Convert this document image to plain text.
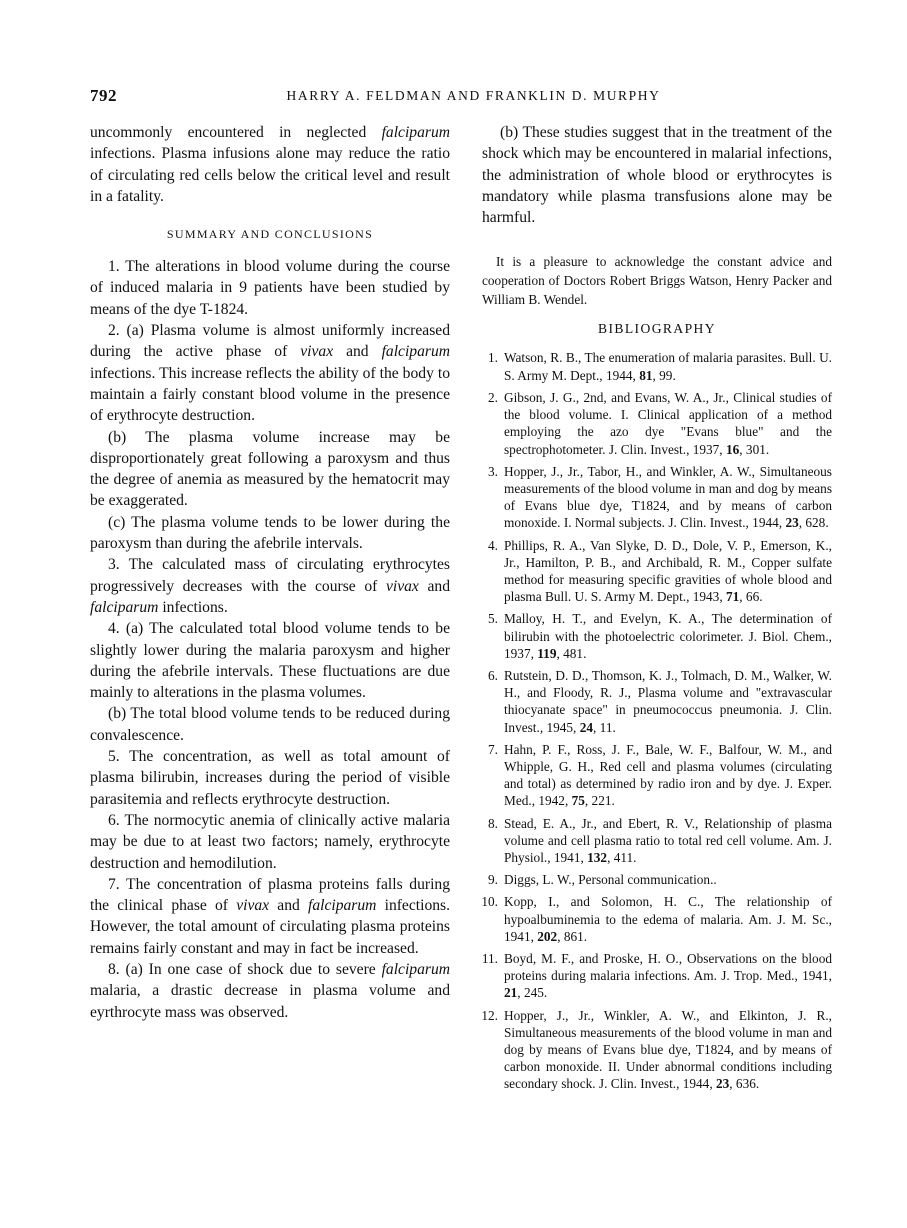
792	HARRY A. FELDMAN AND FRANKLIN D. MURPHY

uncommonly encountered in neglected falciparum infections. Plasma infusions alone may reduce the ratio of circulating red cells below the critical level and result in a fatality.

SUMMARY AND CONCLUSIONS

1. The alterations in blood volume during the course of induced malaria in 9 patients have been studied by means of the dye T-1824.

2. (a) Plasma volume is almost uniformly increased during the active phase of vivax and falciparum infections. This increase reflects the ability of the body to maintain a fairly constant blood volume in the presence of erythrocyte destruction.

(b) The plasma volume increase may be disproportionately great following a paroxysm and thus the degree of anemia as measured by the hematocrit may be exaggerated.

(c) The plasma volume tends to be lower during the paroxysm than during the afebrile intervals.

3. The calculated mass of circulating erythrocytes progressively decreases with the course of vivax and falciparum infections.

4. (a) The calculated total blood volume tends to be slightly lower during the malaria paroxysm and higher during the afebrile intervals. These fluctuations are due mainly to alterations in the plasma volumes.

(b) The total blood volume tends to be reduced during convalescence.

5. The concentration, as well as total amount of plasma bilirubin, increases during the period of visible parasitemia and reflects erythrocyte destruction.

6. The normocytic anemia of clinically active malaria may be due to at least two factors; namely, erythrocyte destruction and hemodilution.

7. The concentration of plasma proteins falls during the clinical phase of vivax and falciparum infections. However, the total amount of circulating plasma proteins remains fairly constant and may in fact be increased.

8. (a) In one case of shock due to severe falciparum malaria, a drastic decrease in plasma volume and eyrthrocyte mass was observed.

(b) These studies suggest that in the treatment of the shock which may be encountered in malarial infections, the administration of whole blood or erythrocytes is mandatory while plasma transfusions alone may be harmful.

It is a pleasure to acknowledge the constant advice and cooperation of Doctors Robert Briggs Watson, Henry Packer and William B. Wendel.

BIBLIOGRAPHY
1. Watson, R. B., The enumeration of malaria parasites. Bull. U. S. Army M. Dept., 1944, 81, 99.
2. Gibson, J. G., 2nd, and Evans, W. A., Jr., Clinical studies of the blood volume. I. Clinical application of a method employing the azo dye "Evans blue" and the spectrophotometer. J. Clin. Invest., 1937, 16, 301.
3. Hopper, J., Jr., Tabor, H., and Winkler, A. W., Simultaneous measurements of the blood volume in man and dog by means of Evans blue dye, T1824, and by means of carbon monoxide. I. Normal subjects. J. Clin. Invest., 1944, 23, 628.
4. Phillips, R. A., Van Slyke, D. D., Dole, V. P., Emerson, K., Jr., Hamilton, P. B., and Archibald, R. M., Copper sulfate method for measuring specific gravities of whole blood and plasma Bull. U. S. Army M. Dept., 1943, 71, 66.
5. Malloy, H. T., and Evelyn, K. A., The determination of bilirubin with the photoelectric colorimeter. J. Biol. Chem., 1937, 119, 481.
6. Rutstein, D. D., Thomson, K. J., Tolmach, D. M., Walker, W. H., and Floody, R. J., Plasma volume and "extravascular thiocyanate space" in pneumococcus pneumonia. J. Clin. Invest., 1945, 24, 11.
7. Hahn, P. F., Ross, J. F., Bale, W. F., Balfour, W. M., and Whipple, G. H., Red cell and plasma volumes (circulating and total) as determined by radio iron and by dye. J. Exper. Med., 1942, 75, 221.
8. Stead, E. A., Jr., and Ebert, R. V., Relationship of plasma volume and cell plasma ratio to total red cell volume. Am. J. Physiol., 1941, 132, 411.
9. Diggs, L. W., Personal communication..
10. Kopp, I., and Solomon, H. C., The relationship of hypoalbuminemia to the edema of malaria. Am. J. M. Sc., 1941, 202, 861.
11. Boyd, M. F., and Proske, H. O., Observations on the blood proteins during malaria infections. Am. J. Trop. Med., 1941, 21, 245.
12. Hopper, J., Jr., Winkler, A. W., and Elkinton, J. R., Simultaneous measurements of the blood volume in man and dog by means of Evans blue dye, T1824, and by means of carbon monoxide. II. Under abnormal conditions including secondary shock. J. Clin. Invest., 1944, 23, 636.
